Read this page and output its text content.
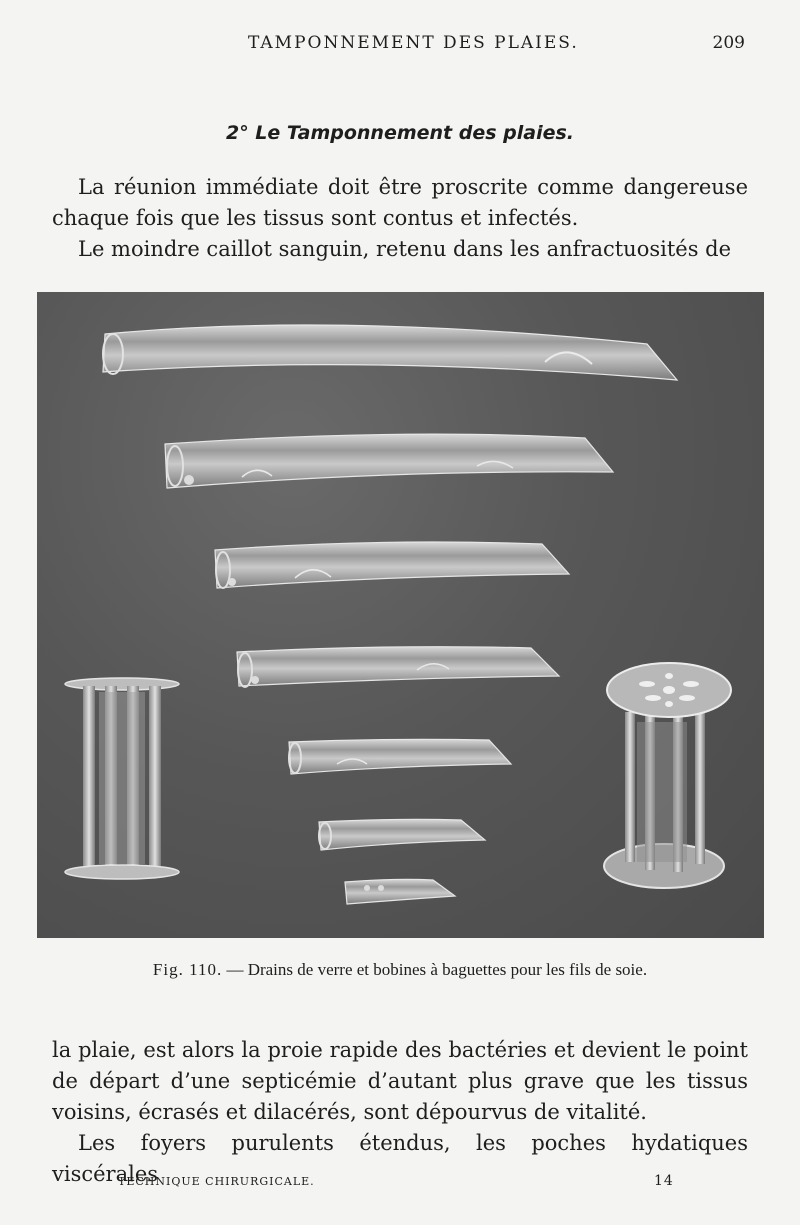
TAMPONNEMENT DES PLAIES.	209
2° Le Tamponnement des plaies.
La réunion immédiate doit être proscrite comme dangereuse chaque fois que les tissus sont contus et infectés.
Le moindre caillot sanguin, retenu dans les anfractuosités de
Fig. 110. — Drains de verre et bobines à baguettes pour les fils de soie.
la plaie, est alors la proie rapide des bactéries et devient le point de départ d’une septicémie d’autant plus grave que les tissus voisins, écrasés et dilacérés, sont dépourvus de vitalité.
Les foyers purulents étendus, les poches hydatiques viscérales
TECHNIQUE CHIRURGICALE.	14
